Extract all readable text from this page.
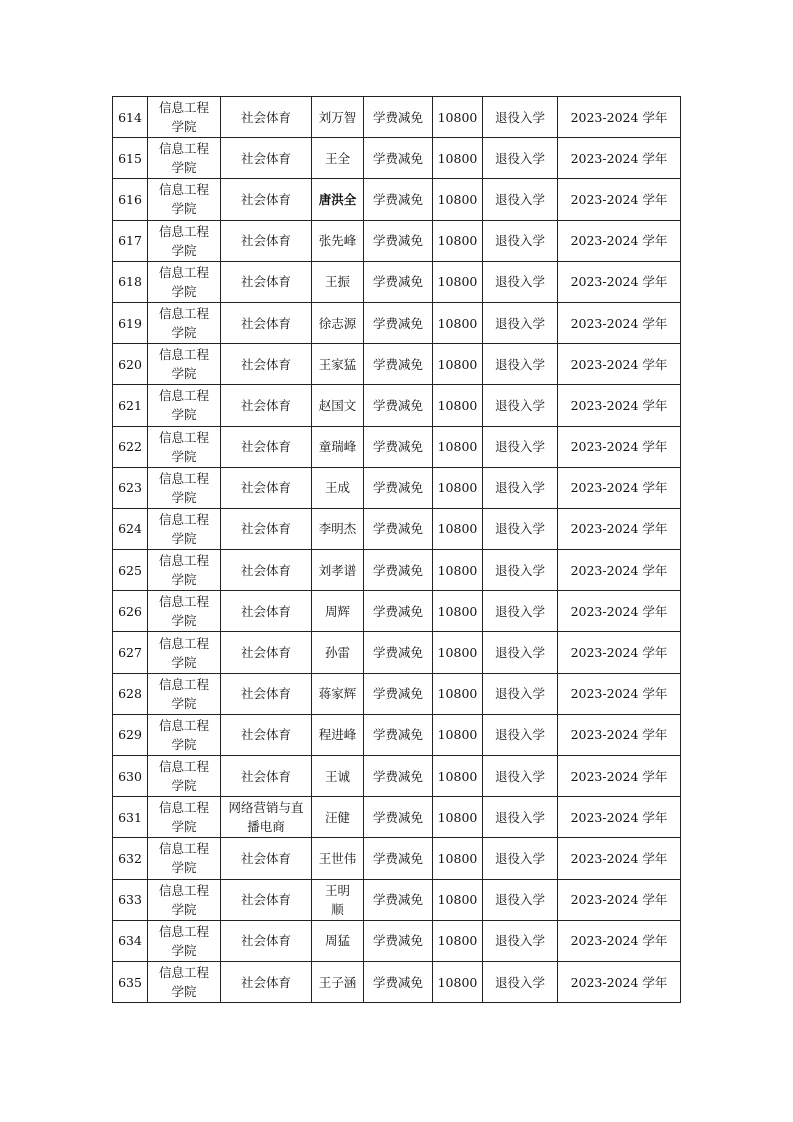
614	信息工程
学院	社会体育	刘万智	学费减免	10800	退役入学	2023-2024 学年
615	信息工程
学院	社会体育	王全	学费减免	10800	退役入学	2023-2024 学年
616	信息工程
学院	社会体育	唐洪全	学费减免	10800	退役入学	2023-2024 学年
617	信息工程
学院	社会体育	张先峰	学费减免	10800	退役入学	2023-2024 学年
618	信息工程
学院	社会体育	王振	学费减免	10800	退役入学	2023-2024 学年
619	信息工程
学院	社会体育	徐志源	学费减免	10800	退役入学	2023-2024 学年
620	信息工程
学院	社会体育	王家猛	学费减免	10800	退役入学	2023-2024 学年
621	信息工程
学院	社会体育	赵国文	学费减免	10800	退役入学	2023-2024 学年
622	信息工程
学院	社会体育	童瑞峰	学费减免	10800	退役入学	2023-2024 学年
623	信息工程
学院	社会体育	王成	学费减免	10800	退役入学	2023-2024 学年
624	信息工程
学院	社会体育	李明杰	学费减免	10800	退役入学	2023-2024 学年
625	信息工程
学院	社会体育	刘孝谱	学费减免	10800	退役入学	2023-2024 学年
626	信息工程
学院	社会体育	周辉	学费减免	10800	退役入学	2023-2024 学年
627	信息工程
学院	社会体育	孙雷	学费减免	10800	退役入学	2023-2024 学年
628	信息工程
学院	社会体育	蒋家辉	学费减免	10800	退役入学	2023-2024 学年
629	信息工程
学院	社会体育	程进峰	学费减免	10800	退役入学	2023-2024 学年
630	信息工程
学院	社会体育	王诚	学费减免	10800	退役入学	2023-2024 学年
631	信息工程
学院	网络营销与直
播电商	汪健	学费减免	10800	退役入学	2023-2024 学年
632	信息工程
学院	社会体育	王世伟	学费减免	10800	退役入学	2023-2024 学年
633	信息工程
学院	社会体育	王明
顺	学费减免	10800	退役入学	2023-2024 学年
634	信息工程
学院	社会体育	周猛	学费减免	10800	退役入学	2023-2024 学年
635	信息工程
学院	社会体育	王子涵	学费减免	10800	退役入学	2023-2024 学年
